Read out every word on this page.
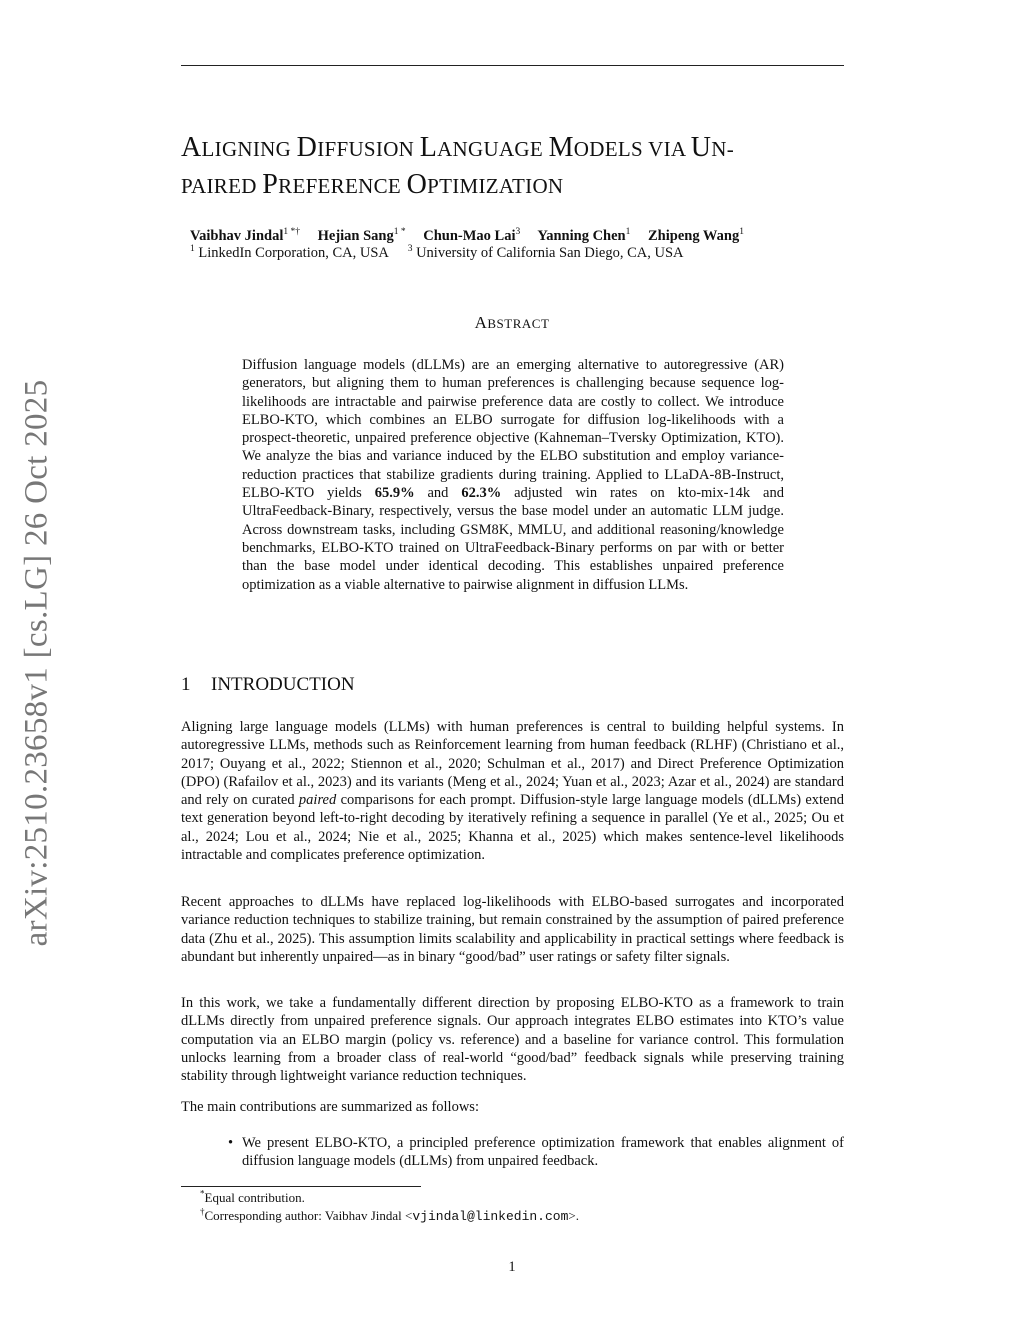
arXiv:2510.23658v1 [cs.LG] 26 Oct 2025
ALIGNING DIFFUSION LANGUAGE MODELS VIA UN-
PAIRED PREFERENCE OPTIMIZATION
Vaibhav Jindal$^{1 *\dagger}$ Hejian Sang$^{1 *}$ Chun-Mao Lai$^3$ Yanning Chen$^1$ Zhipeng Wang$^1$
$^1$ LinkedIn Corporation, CA, USA $^3$ University of California San Diego, CA, USA
ABSTRACT
Diffusion language models (dLLMs) are an emerging alternative to autoregressive (AR) generators, but aligning them to human preferences is challenging because sequence log-likelihoods are intractable and pairwise preference data are costly to collect. We introduce ELBO-KTO, which combines an ELBO surrogate for diffusion log-likelihoods with a prospect-theoretic, unpaired preference objective (Kahneman–Tversky Optimization, KTO). We analyze the bias and variance induced by the ELBO substitution and employ variance-reduction practices that stabilize gradients during training. Applied to LLaDA-8B-Instruct, ELBO-KTO yields 65.9% and 62.3% adjusted win rates on kto-mix-14k and UltraFeedback-Binary, respectively, versus the base model under an automatic LLM judge. Across downstream tasks, including GSM8K, MMLU, and additional reasoning/knowledge benchmarks, ELBO-KTO trained on UltraFeedback-Binary performs on par with or better than the base model under identical decoding. This establishes unpaired preference optimization as a viable alternative to pairwise alignment in diffusion LLMs.
1 INTRODUCTION

Aligning large language models (LLMs) with human preferences is central to building helpful systems. In autoregressive LLMs, methods such as Reinforcement learning from human feedback (RLHF) (Christiano et al., 2017; Ouyang et al., 2022; Stiennon et al., 2020; Schulman et al., 2017) and Direct Preference Optimization (DPO) (Rafailov et al., 2023) and its variants (Meng et al., 2024; Yuan et al., 2023; Azar et al., 2024) are standard and rely on curated paired comparisons for each prompt. Diffusion-style large language models (dLLMs) extend text generation beyond left-to-right decoding by iteratively refining a sequence in parallel (Ye et al., 2025; Ou et al., 2024; Lou et al., 2024; Nie et al., 2025; Khanna et al., 2025) which makes sentence-level likelihoods intractable and complicates preference optimization.

Recent approaches to dLLMs have replaced log-likelihoods with ELBO-based surrogates and incorporated variance reduction techniques to stabilize training, but remain constrained by the assumption of paired preference data (Zhu et al., 2025). This assumption limits scalability and applicability in practical settings where feedback is abundant but inherently unpaired—as in binary “good/bad” user ratings or safety filter signals.

In this work, we take a fundamentally different direction by proposing ELBO-KTO as a framework to train dLLMs directly from unpaired preference signals. Our approach integrates ELBO estimates into KTO’s value computation via an ELBO margin (policy vs. reference) and a baseline for variance control. This formulation unlocks learning from a broader class of real-world “good/bad” feedback signals while preserving training stability through lightweight variance reduction techniques.

The main contributions are summarized as follows:

• We present ELBO-KTO, a principled preference optimization framework that enables alignment of diffusion language models (dLLMs) from unpaired feedback.
*Equal contribution.
†Corresponding author: Vaibhav Jindal <vjindal@linkedin.com>.
1
